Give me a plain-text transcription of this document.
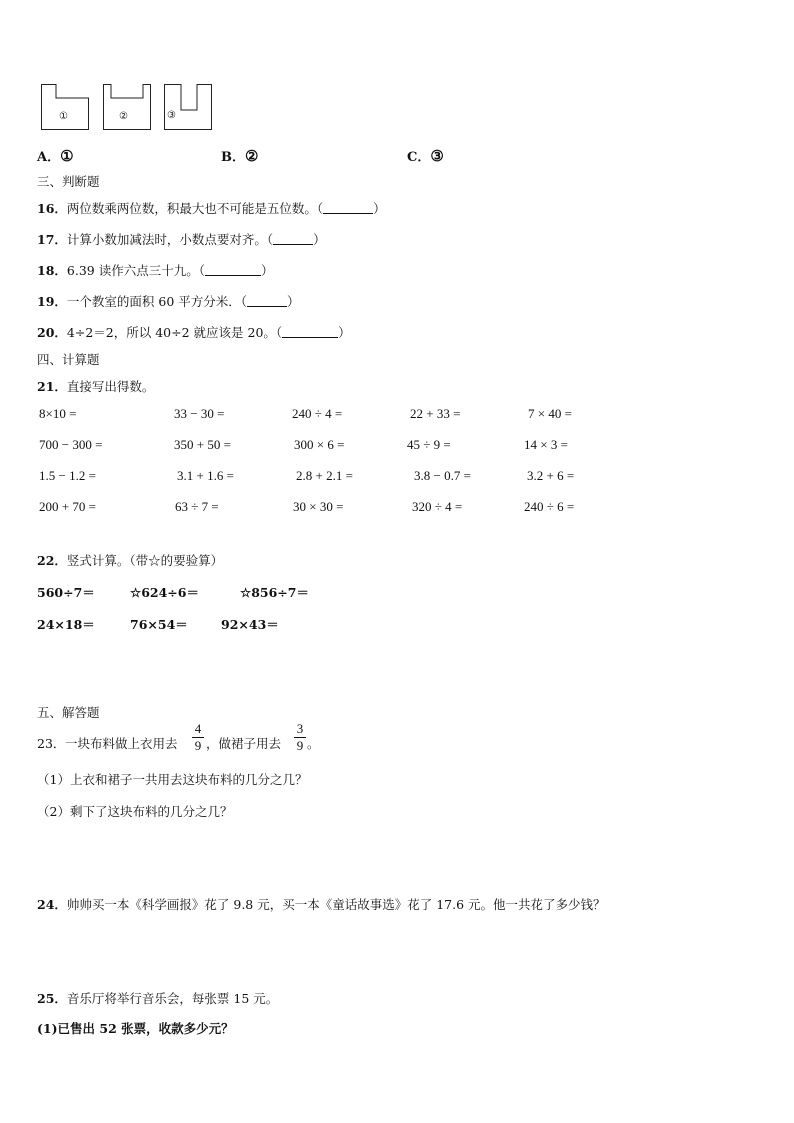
①	②	③
A．①	B．②	C．③
三、判断题
16．两位数乘两位数，积最大也不可能是五位数。（	）
17．计算小数加减法时，小数点要对齐。（	）
18．6.39 读作六点三十九。（	）
19．一个教室的面积 60 平方分米．（	）
20．4÷2＝2，所以 40÷2 就应该是 20。（	）
四、计算题
21．直接写出得数。
8×10 =	33 − 30 =	240 ÷ 4 =	22 + 33 =	7 × 40 =
700 − 300 =	350 + 50 =	300 × 6 =	45 ÷ 9 =	14 × 3 =
1.5 − 1.2 =	3.1 + 1.6 =	2.8 + 2.1 =	3.8 − 0.7 =	3.2 + 6 =
200 + 70 =	63 ÷ 7 =	30 × 30 =	320 ÷ 4 =	240 ÷ 6 =
22．竖式计算。（带☆的要验算）
560÷7＝	☆624÷6＝	☆856÷7＝
24×18＝	76×54＝	92×43＝
五、解答题
23． 一块布料做上衣用去
4
9 ，做裙子用去
3
9 。
（1）上衣和裙子一共用去这块布料的几分之几？
（2）剩下了这块布料的几分之几？
24．帅帅买一本《科学画报》花了 9.8 元，买一本《童话故事选》花了 17.6 元。他一共花了多少钱？
25．音乐厅将举行音乐会，每张票 15 元。
(1)已售出 52 张票，收款多少元？
